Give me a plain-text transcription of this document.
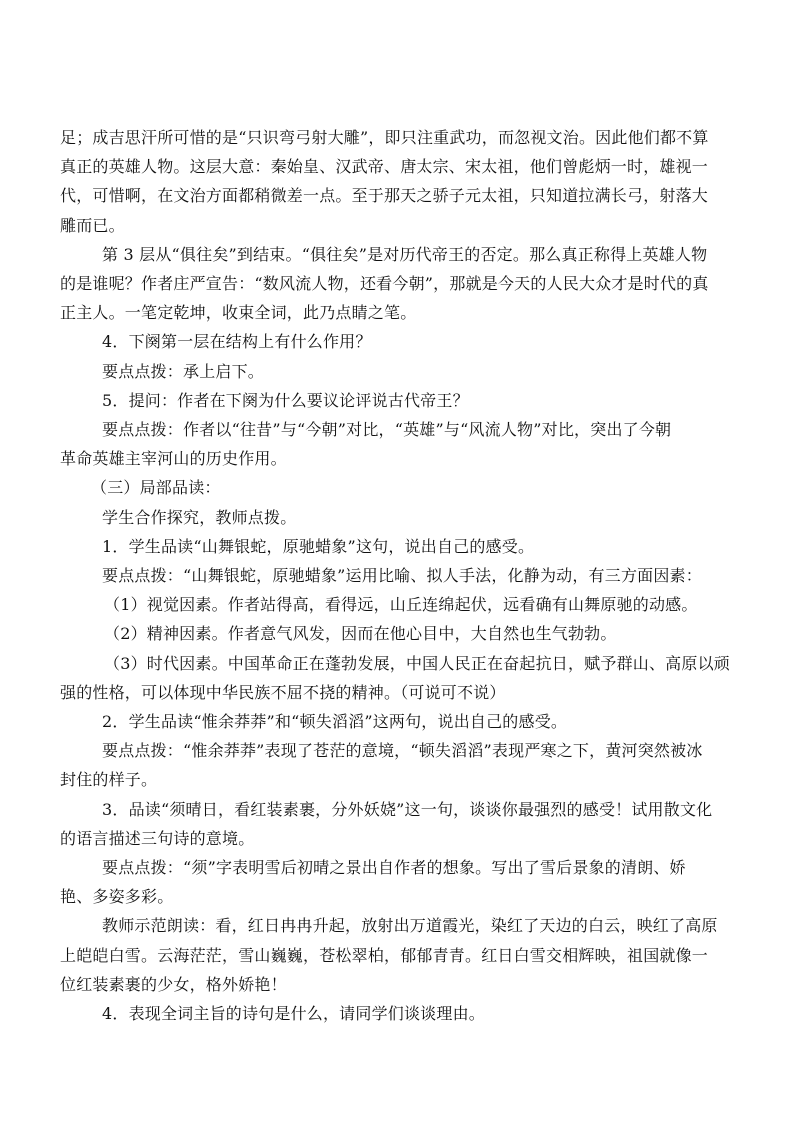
足；成吉思汗所可惜的是“只识弯弓射大雕”，即只注重武功，而忽视文治。因此他们都不算
真正的英雄人物。这层大意：秦始皇、汉武帝、唐太宗、宋太祖，他们曾彪炳一时，雄视一
代，可惜啊，在文治方面都稍微差一点。至于那天之骄子元太祖，只知道拉满长弓，射落大
雕而已。
第 3 层从“俱往矣”到结束。“俱往矣”是对历代帝王的否定。那么真正称得上英雄人物
的是谁呢？作者庄严宣告：“数风流人物，还看今朝”，那就是今天的人民大众才是时代的真
正主人。一笔定乾坤，收束全词，此乃点睛之笔。
4．下阕第一层在结构上有什么作用？
要点点拨：承上启下。
5．提问：作者在下阕为什么要议论评说古代帝王？
要点点拨：作者以“往昔”与“今朝”对比，“英雄”与“风流人物”对比，突出了今朝
革命英雄主宰河山的历史作用。
（三）局部品读：
学生合作探究，教师点拨。
1．学生品读“山舞银蛇，原驰蜡象”这句，说出自己的感受。
要点点拨：“山舞银蛇，原驰蜡象”运用比喻、拟人手法，化静为动，有三方面因素：
（1）视觉因素。作者站得高，看得远，山丘连绵起伏，远看确有山舞原驰的动感。
（2）精神因素。作者意气风发，因而在他心目中，大自然也生气勃勃。
（3）时代因素。中国革命正在蓬勃发展，中国人民正在奋起抗日，赋予群山、高原以顽
强的性格，可以体现中华民族不屈不挠的精神。（可说可不说）
2．学生品读“惟余莽莽”和“顿失滔滔”这两句，说出自己的感受。
要点点拨：“惟余莽莽”表现了苍茫的意境，“顿失滔滔”表现严寒之下，黄河突然被冰
封住的样子。
3．品读“须晴日，看红装素裹，分外妖娆”这一句，谈谈你最强烈的感受！试用散文化
的语言描述三句诗的意境。
要点点拨：“须”字表明雪后初晴之景出自作者的想象。写出了雪后景象的清朗、娇
艳、多姿多彩。
教师示范朗读：看，红日冉冉升起，放射出万道霞光，染红了天边的白云，映红了高原
上皑皑白雪。云海茫茫，雪山巍巍，苍松翠柏，郁郁青青。红日白雪交相辉映，祖国就像一
位红装素裹的少女，格外娇艳！
4．表现全词主旨的诗句是什么，请同学们谈谈理由。
